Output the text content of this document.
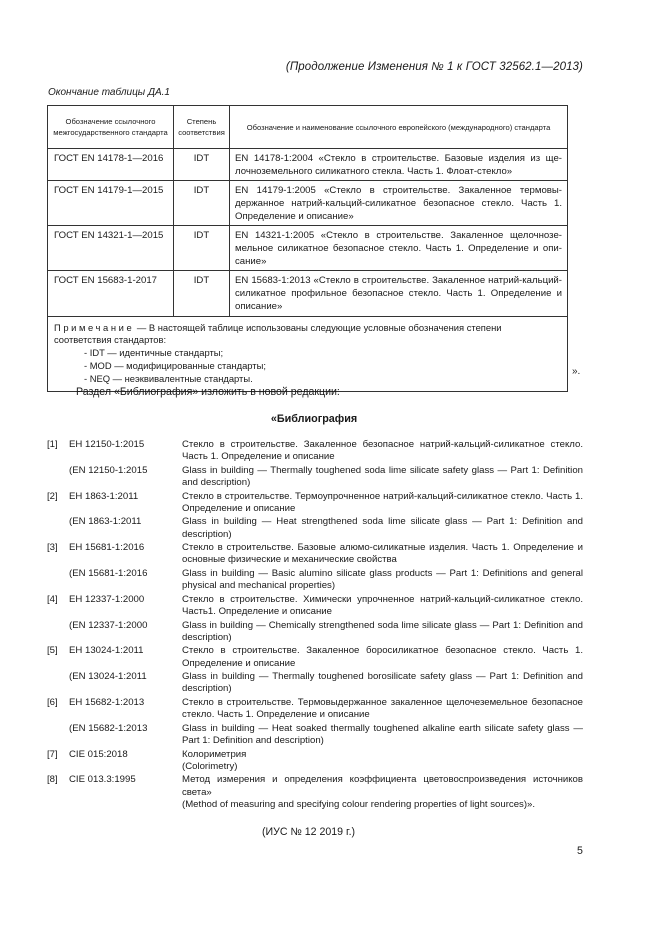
(Продолжение Изменения № 1 к ГОСТ 32562.1—2013)
Окончание таблицы ДА.1
Обозначение ссылочного межгосударственного стандарта	Степень соответствия	Обозначение и наименование ссылочного европейского (международного) стандарта
ГОСТ EN 14178-1—2016	IDT	EN 14178-1:2004 «Стекло в строительстве. Базовые изделия из щелочноземельного силикатного стекла. Часть 1. Флоат-стекло»
ГОСТ EN 14179-1—2015	IDT	EN 14179-1:2005 «Стекло в строительстве. Закаленное термовыдержанное натрий-кальций-силикатное безопасное стекло. Часть 1. Определение и описание»
ГОСТ EN 14321-1—2015	IDT	EN 14321-1:2005 «Стекло в строительстве. Закаленное щелочноземельное силикатное безопасное стекло. Часть 1. Определение и описание»
ГОСТ EN 15683-1-2017	IDT	EN 15683-1:2013 «Стекло в строительстве. Закаленное натрий-кальций-силикатное профильное безопасное стекло. Часть 1. Определение и описание»

Примечание — В настоящей таблице использованы следующие условные обозначения степени соответствия стандартов:
- IDT — идентичные стандарты;
- MOD — модифицированные стандарты;
- NEQ — неэквивалентные стандарты.		
».
Раздел «Библиография» изложить в новой редакции:
«Библиография
[1]	EH 12150-1:2015	Стекло в строительстве. Закаленное безопасное натрий-кальций-силикатное стекло. Часть 1. Определение и описание
(EN 12150-1:2015	Glass in building — Thermally toughened soda lime silicate safety glass — Part 1: Definition and description)
[2]	EH 1863-1:2011	Стекло в строительстве. Термоупрочненное натрий-кальций-силикатное стекло. Часть 1. Определение и описание
(EN 1863-1:2011	Glass in building — Heat strengthened soda lime silicate glass — Part 1: Definition and description)
[3]	EH 15681-1:2016	Стекло в строительстве. Базовые алюмо-силикатные изделия. Часть 1. Определение и основные физические и механические свойства
(EN 15681-1:2016	Glass in building — Basic alumino silicate glass products — Part 1: Definitions and general physical and mechanical properties)
[4]	EH 12337-1:2000	Стекло в строительстве. Химически упрочненное натрий-кальций-силикатное стекло. Часть1. Определение и описание
(EN 12337-1:2000	Glass in building — Chemically strengthened soda lime silicate glass — Part 1: Definition and description)
[5]	EH 13024-1:2011	Стекло в строительстве. Закаленное боросиликатное безопасное стекло. Часть 1. Определение и описание
(EN 13024-1:2011	Glass in building — Thermally toughened borosilicate safety glass — Part 1: Definition and description)
[6]	EH 15682-1:2013	Стекло в строительстве. Термовыдержанное закаленное щелочеземельное безопасное стекло. Часть 1. Определение и описание
(EN 15682-1:2013	Glass in building — Heat soaked thermally toughened alkaline earth silicate safety glass — Part 1: Definition and description)
[7]	CIE 015:2018	Колориметрия
(Colorimetry)
[8]	CIE 013.3:1995	Метод измерения и определения коэффициента цветовоспроизведения источников света»
(Method of measuring and specifying colour rendering properties of light sources)».
(ИУС № 12 2019 г.)
5
